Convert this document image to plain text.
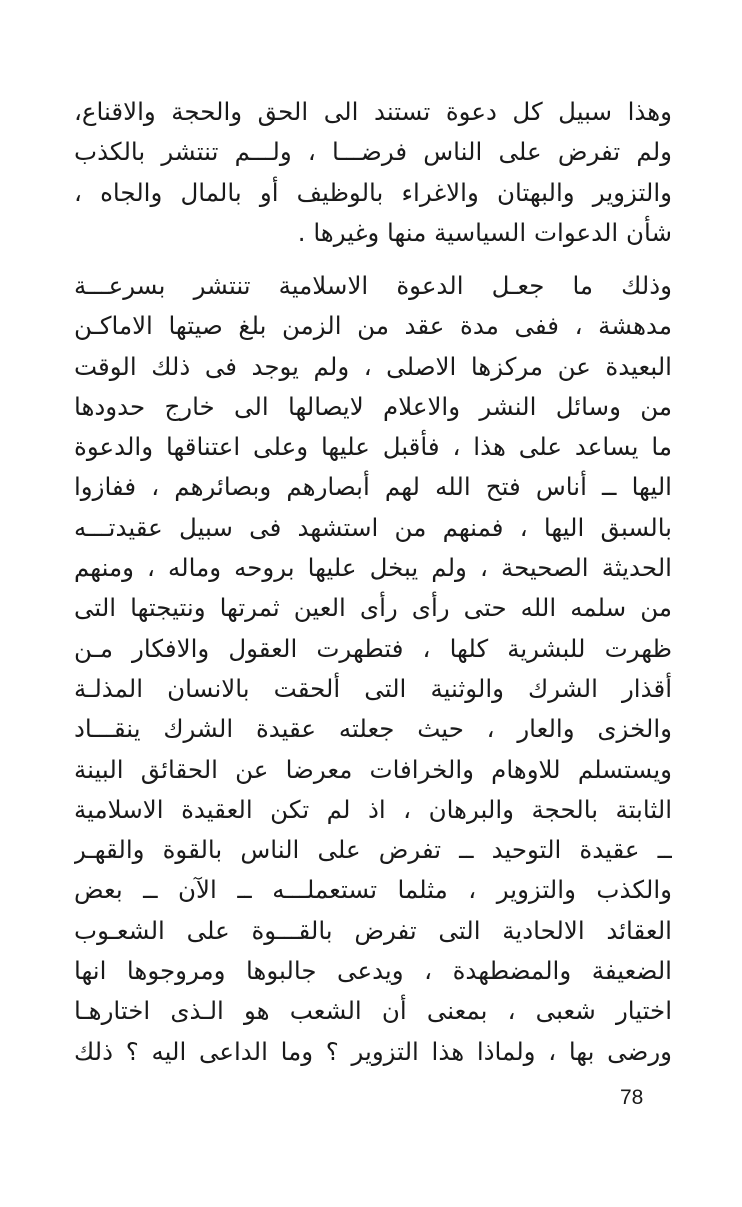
وهذا سبيل كل دعوة تستند الى الحق والحجة والاقناع،
ولم تفرض على الناس فرضـــا ، ولـــم تنتشر بالكذب
والتزوير والبهتان والاغراء بالوظيف أو بالمال والجاه ،
شأن الدعوات السياسية منها وغيرها .
وذلك ما جعـل الدعوة الاسلامية تنتشر بسرعـــة
مدهشة ، ففى مدة عقد من الزمن بلغ صيتها الاماكـن
البعيدة عن مركزها الاصلى ، ولم يوجد فى ذلك الوقت
من وسائل النشر والاعلام لايصالها الى خارج حدودها
ما يساعد على هذا ، فأقبل عليها وعلى اعتناقها والدعوة
اليها ــ أناس فتح الله لهم أبصارهم وبصائرهم ، ففازوا
بالسبق اليها ، فمنهم من استشهد فى سبيل عقيدتـــه
الحديثة الصحيحة ، ولم يبخل عليها بروحه وماله ، ومنهم
من سلمه الله حتى رأى رأى العين ثمرتها ونتيجتها التى
ظهرت للبشرية كلها ، فتطهرت العقول والافكار مـن
أقذار الشرك والوثنية التى ألحقت بالانسان المذلـة
والخزى والعار ، حيث جعلته عقيدة الشرك ينقـــاد
ويستسلم للاوهام والخرافات معرضا عن الحقائق البينة
الثابتة بالحجة والبرهان ، اذ لم تكن العقيدة الاسلامية
ــ عقيدة التوحيد ــ تفرض على الناس بالقوة والقهـر
والكذب والتزوير ، مثلما تستعملـــه ــ الآن ــ بعض
العقائد الالحادية التى تفرض بالقـــوة على الشعـوب
الضعيفة والمضطهدة ، ويدعى جالبوها ومروجوها انها
اختيار شعبى ، بمعنى أن الشعب هو الـذى اختارهـا
ورضى بها ، ولماذا هذا التزوير ؟ وما الداعى اليه ؟ ذلك
78
